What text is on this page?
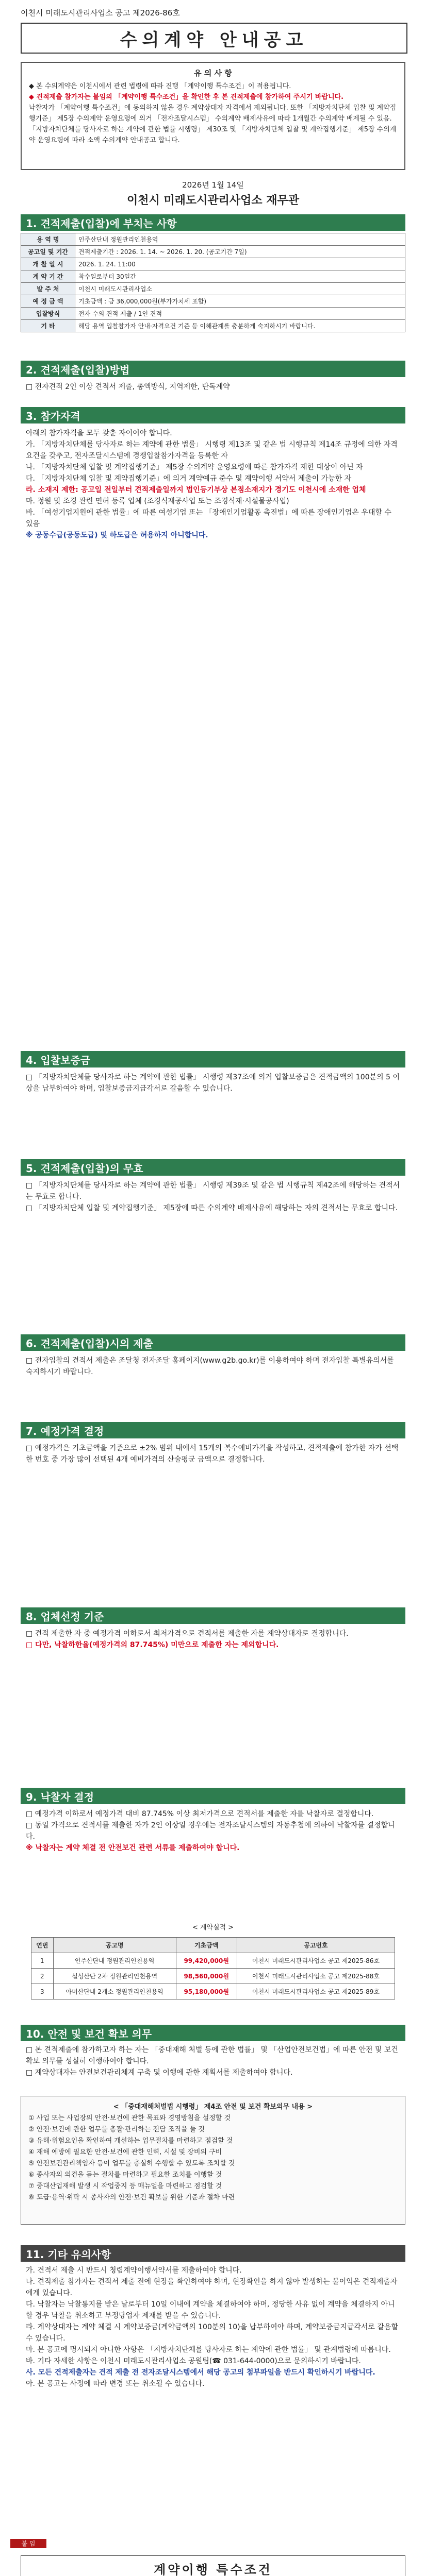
이천시 미래도시관리사업소 공고 제2026-86호
수의계약 안내공고
유 의 사 항
◆ 본 수의계약은 이천시에서 관련 법령에 따라 진행 「계약이행 특수조건」이 적용됩니다.
◆ 견적제출 참가자는 붙임의 「계약이행 특수조건」을 확인한 후 본 견적제출에 참가하여 주시기 바랍니다.
낙찰자가 「계약이행 특수조건」에 동의하지 않을 경우 계약상대자 자격에서 제외됩니다. 또한 「지방자치단체 입찰 및 계약집행기준」 제5장 수의계약 운영요령에 의거 「전자조달시스템」 수의계약 배제사유에 따라 1개월간 수의계약 배제될 수 있음.
「지방자치단체를 당사자로 하는 계약에 관한 법률 시행령」 제30조 및 「지방자치단체 입찰 및 계약집행기준」 제5장 수의계약 운영요령에 따라 소액 수의계약 안내공고 합니다.
2026년 1월 14일
이천시 미래도시관리사업소 재무관
1. 견적제출(입찰)에 부치는 사항
용 역 명	인주산단내 정원관리인천용역
공고일 및 기간	견적제출기간 : 2026. 1. 14. ~ 2026. 1. 20. (공고기간 7일)
개 찰 일 시	2026. 1. 24. 11:00
계 약 기 간	착수일로부터 30일간
발 주 처	이천시 미래도시관리사업소
예 정 금 액	기초금액 : 금 36,000,000원(부가가치세 포함)
입찰방식	전자 수의 견적 제출 / 1인 견적
기 타	해당 용역 입찰참가자 안내·자격요건 기준 등 이해관계를 충분하게 숙지하시기 바랍니다.
2. 견적제출(입찰)방법
□ 전자견적 2인 이상 견적서 제출, 총액방식, 지역제한, 단독계약
3. 참가자격
아래의 참가자격을 모두 갖춘 자이어야 합니다.
가. 「지방자치단체를 당사자로 하는 계약에 관한 법률」 시행령 제13조 및 같은 법 시행규칙 제14조 규정에 의한 자격요건을 갖추고, 전자조달시스템에 경쟁입찰참가자격을 등록한 자
나. 「지방자치단체 입찰 및 계약집행기준」 제5장 수의계약 운영요령에 따른 참가자격 제한 대상이 아닌 자
다. 「지방자치단체 입찰 및 계약집행기준」에 의거 계약예규 준수 및 계약이행 서약서 제출이 가능한 자
라. 소재지 제한: 공고일 전일부터 견적제출일까지 법인등기부상 본점소재지가 경기도 이천시에 소재한 업체
마. 정원 및 조경 관련 면허 등록 업체 (조경식재공사업 또는 조경식재·시설물공사업)
바. 「여성기업지원에 관한 법률」에 따른 여성기업 또는 「장애인기업활동 촉진법」에 따른 장애인기업은 우대할 수 있음
※ 공동수급(공동도급) 및 하도급은 허용하지 아니합니다.
4. 입찰보증금
□ 「지방자치단체를 당사자로 하는 계약에 관한 법률」 시행령 제37조에 의거 입찰보증금은 견적금액의 100분의 5 이상을 납부하여야 하며, 입찰보증금지급각서로 갈음할 수 있습니다.
5. 견적제출(입찰)의 무효
□ 「지방자치단체를 당사자로 하는 계약에 관한 법률」 시행령 제39조 및 같은 법 시행규칙 제42조에 해당하는 견적서는 무효로 합니다.
□ 「지방자치단체 입찰 및 계약집행기준」 제5장에 따른 수의계약 배제사유에 해당하는 자의 견적서는 무효로 합니다.
6. 견적제출(입찰)시의 제출
□ 전자입찰의 견적서 제출은 조달청 전자조달 홈페이지(www.g2b.go.kr)를 이용하여야 하며 전자입찰 특별유의서를 숙지하시기 바랍니다.
7. 예정가격 결정
□ 예정가격은 기초금액을 기준으로 ±2% 범위 내에서 15개의 복수예비가격을 작성하고, 견적제출에 참가한 자가 선택한 번호 중 가장 많이 선택된 4개 예비가격의 산술평균 금액으로 결정합니다.
8. 업체선정 기준
□ 견적 제출한 자 중 예정가격 이하로서 최저가격으로 견적서를 제출한 자를 계약상대자로 결정합니다.
□ 다만, 낙찰하한율(예정가격의 87.745%) 미만으로 제출한 자는 제외합니다.
9. 낙찰자 결정
□ 예정가격 이하로서 예정가격 대비 87.745% 이상 최저가격으로 견적서를 제출한 자를 낙찰자로 결정합니다.
□ 동일 가격으로 견적서를 제출한 자가 2인 이상일 경우에는 전자조달시스템의 자동추첨에 의하여 낙찰자를 결정합니다.
※ 낙찰자는 계약 체결 전 안전보건 관련 서류를 제출하여야 합니다.
< 계약실적 >
연번	공고명	기초금액	공고번호
1	인주산단내 정원관리인천용역	99,420,000원	이천시 미래도시관리사업소 공고 제2025-86호
2	설성산단 2차 정원관리인천용역	98,560,000원	이천시 미래도시관리사업소 공고 제2025-88호
3	아미산단내 2개소 정원관리인천용역	95,180,000원	이천시 미래도시관리사업소 공고 제2025-89호
10. 안전 및 보건 확보 의무
□ 본 견적제출에 참가하고자 하는 자는 「중대재해 처벌 등에 관한 법률」 및 「산업안전보건법」에 따른 안전 및 보건 확보 의무를 성실히 이행하여야 합니다.
□ 계약상대자는 안전보건관리체계 구축 및 이행에 관한 계획서를 제출하여야 합니다.
< 「중대재해처벌법 시행령」 제4조 안전 및 보건 확보의무 내용 >
① 사업 또는 사업장의 안전·보건에 관한 목표와 경영방침을 설정할 것
② 안전·보건에 관한 업무를 총괄·관리하는 전담 조직을 둘 것
③ 유해·위험요인을 확인하여 개선하는 업무절차를 마련하고 점검할 것
④ 재해 예방에 필요한 안전·보건에 관한 인력, 시설 및 장비의 구비
⑤ 안전보건관리책임자 등이 업무를 충실히 수행할 수 있도록 조치할 것
⑥ 종사자의 의견을 듣는 절차를 마련하고 필요한 조치를 이행할 것
⑦ 중대산업재해 발생 시 작업중지 등 매뉴얼을 마련하고 점검할 것
⑧ 도급·용역·위탁 시 종사자의 안전·보건 확보를 위한 기준과 절차 마련
11. 기타 유의사항
가. 견적서 제출 시 반드시 청렴계약이행서약서를 제출하여야 합니다.
나. 견적제출 참가자는 견적서 제출 전에 현장을 확인하여야 하며, 현장확인을 하지 않아 발생하는 불이익은 견적제출자에게 있습니다.
다. 낙찰자는 낙찰통지를 받은 날로부터 10일 이내에 계약을 체결하여야 하며, 정당한 사유 없이 계약을 체결하지 아니할 경우 낙찰을 취소하고 부정당업자 제재를 받을 수 있습니다.
라. 계약상대자는 계약 체결 시 계약보증금(계약금액의 100분의 10)을 납부하여야 하며, 계약보증금지급각서로 갈음할 수 있습니다.
마. 본 공고에 명시되지 아니한 사항은 「지방자치단체를 당사자로 하는 계약에 관한 법률」 및 관계법령에 따릅니다.
바. 기타 자세한 사항은 이천시 미래도시관리사업소 공원팀(☎ 031-644-0000)으로 문의하시기 바랍니다.
사. 모든 견적제출자는 견적 제출 전 전자조달시스템에서 해당 공고의 첨부파일을 반드시 확인하시기 바랍니다.
아. 본 공고는 사정에 따라 변경 또는 취소될 수 있습니다.
붙 임
계약이행 특수조건
